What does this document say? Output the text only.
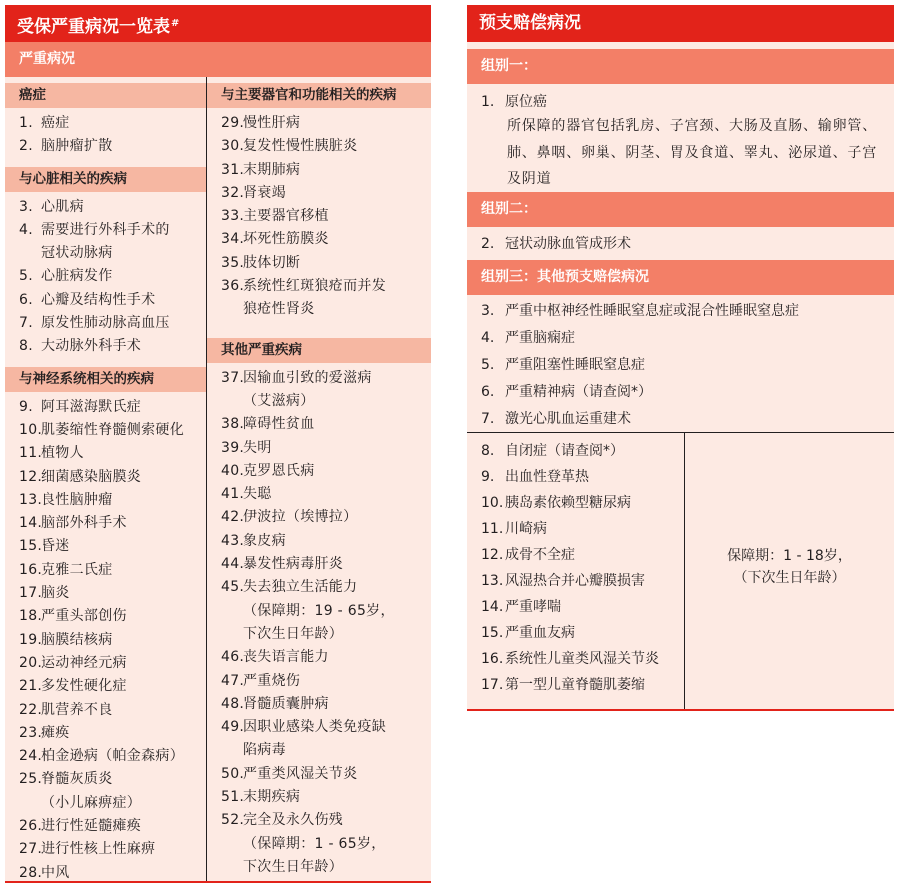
受保严重病况一览表#
严重病况
癌症
1. 癌症
2. 脑肿瘤扩散
与心脏相关的疾病
3. 心肌病
4. 需要进行外科手术的
冠状动脉病
5. 心脏病发作
6. 心瓣及结构性手术
7. 原发性肺动脉高血压
8. 大动脉外科手术
与神经系统相关的疾病
9. 阿耳滋海默氏症
10.
肌萎缩性脊髓侧索硬化
11.
植物人
12.
细菌感染脑膜炎
13.
良性脑肿瘤
14.
脑部外科手术
15.
昏迷
16.
克雅二氏症
17.
脑炎
18.
严重头部创伤
19.
脑膜结核病
20.
运动神经元病
21.
多发性硬化症
22.
肌营养不良
23.
瘫痪
24.
柏金逊病（帕金森病）
25.
脊髓灰质炎
（小儿麻痹症）
26.
进行性延髓瘫痪
27.
进行性核上性麻痹
28.
中风
与主要器官和功能相关的疾病
29.
慢性肝病
30.
复发性慢性胰脏炎
31.
末期肺病
32.
肾衰竭
33.
主要器官移植
34.
坏死性筋膜炎
35.
肢体切断
36.
系统性红斑狼疮而并发
狼疮性肾炎
其他严重疾病
37.
因输血引致的爱滋病
（艾滋病）
38.
障碍性贫血
39.
失明
40.
克罗恩氏病
41.
失聪
42.
伊波拉（埃博拉）
43.
象皮病
44.
暴发性病毒肝炎
45.
失去独立生活能力
（保障期：19 - 65岁，
下次生日年龄）
46.
丧失语言能力
47.
严重烧伤
48.
肾髓质囊肿病
49.
因职业感染人类免疫缺
陷病毒
50.
严重类风湿关节炎
51.
末期疾病
52.
完全及永久伤残
（保障期：1 - 65岁，
下次生日年龄）
预支赔偿病况
组别一：
1. 原位癌
所保障的器官包括乳房、子宫颈、大肠及直肠、输卵管、
肺、鼻咽、卵巢、阴茎、胃及食道、睪丸、泌尿道、子宫
及阴道
组别二：
2. 冠状动脉血管成形术
组别三：其他预支赔偿病况
3. 严重中枢神经性睡眠窒息症或混合性睡眠窒息症
4. 严重脑痫症
5. 严重阻塞性睡眠窒息症
6. 严重精神病（请查阅*）
7. 激光心肌血运重建术
8. 自闭症（请查阅*）
9. 出血性登革热
10. 胰岛素依赖型糖尿病
11. 川崎病
12. 成骨不全症
13. 风湿热合并心瓣膜损害
14. 严重哮喘
15. 严重血友病
16. 系统性儿童类风湿关节炎
17. 第一型儿童脊髓肌萎缩
保障期：1 - 18岁，
（下次生日年龄）
